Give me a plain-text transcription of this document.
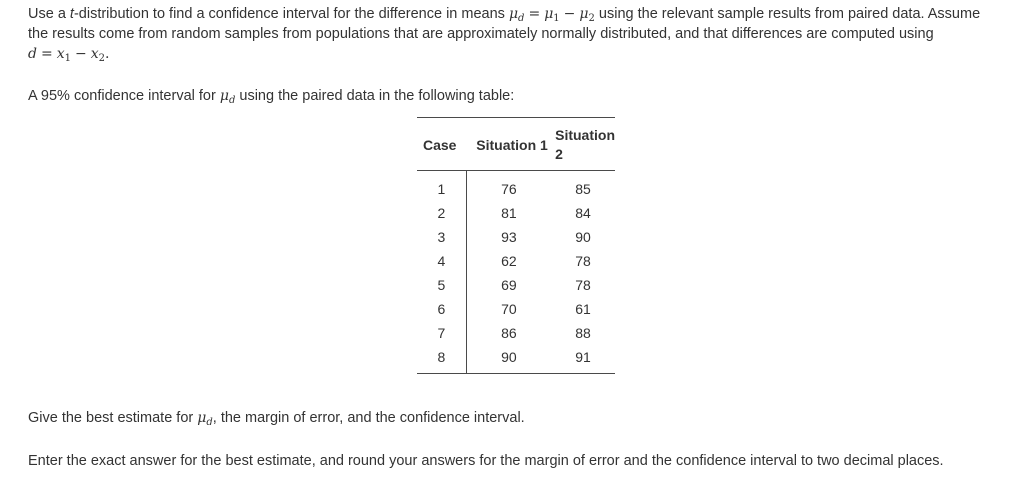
Use a t-distribution to find a confidence interval for the difference in means $\mu_d = \mu_1 - \mu_2$ using the relevant sample results from paired data. Assume the results come from random samples from populations that are approximately normally distributed, and that differences are computed using
$d = x_1 - x_2$.

A 95% confidence interval for $\mu_d$ using the paired data in the following table:

Case	Situation 1	Situation 2
1	76	85
2	81	84
3	93	90
4	62	78
5	69	78
6	70	61
7	86	88
8	90	91

Give the best estimate for $\mu_d$, the margin of error, and the confidence interval.

Enter the exact answer for the best estimate, and round your answers for the margin of error and the confidence interval to two decimal places.
